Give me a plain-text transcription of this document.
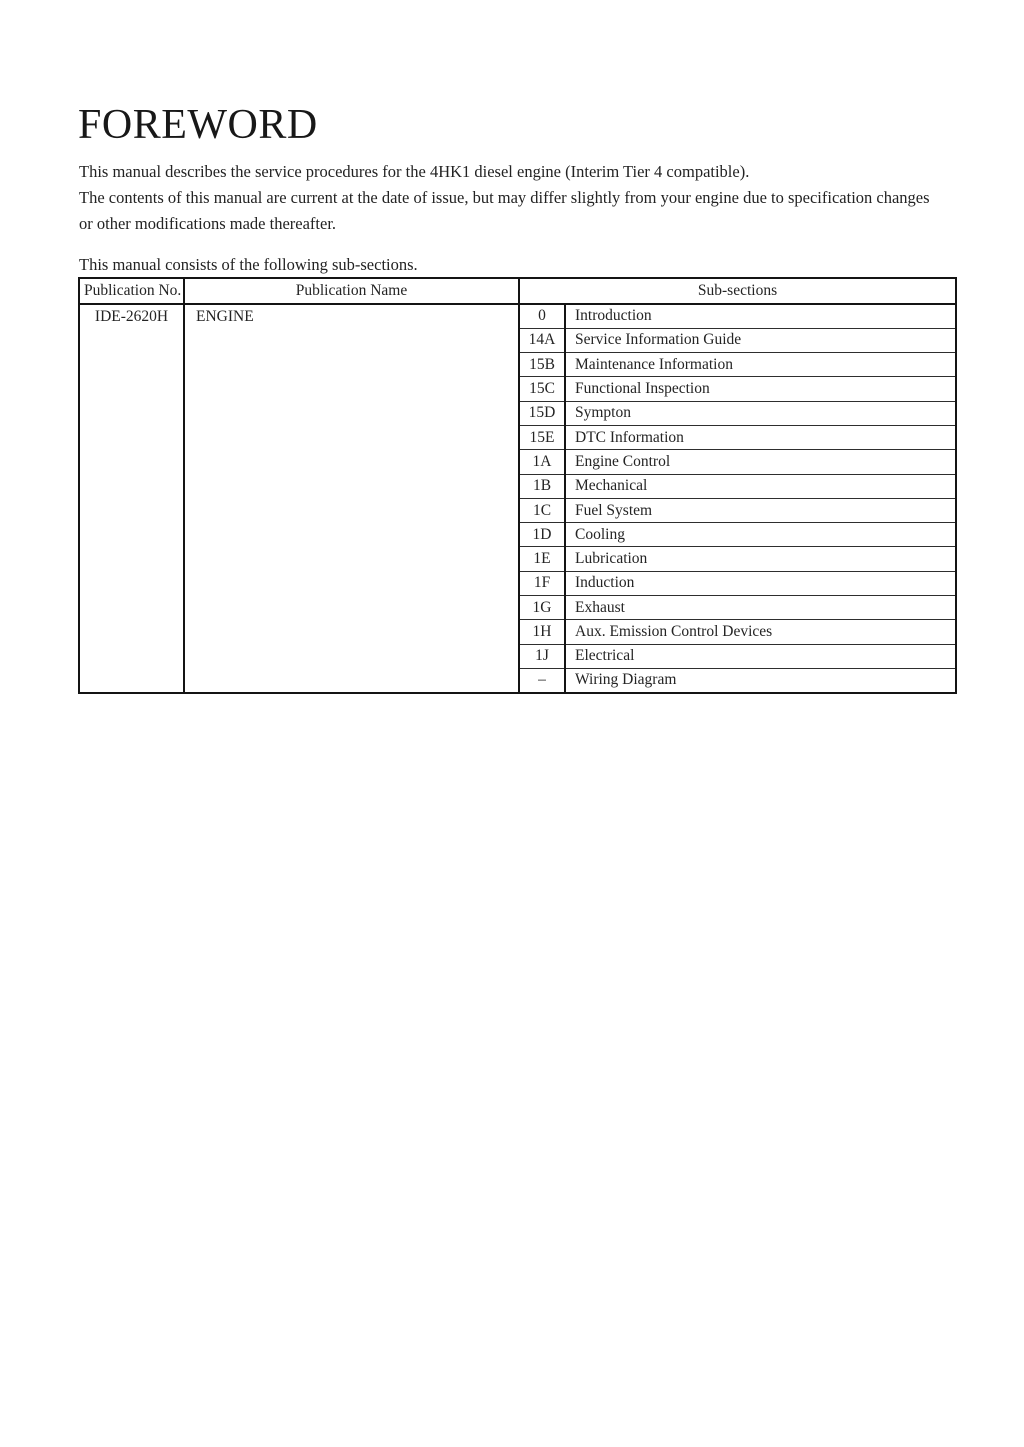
FOREWORD
This manual describes the service procedures for the 4HK1 diesel engine (Interim Tier 4 compatible).
The contents of this manual are current at the date of issue, but may differ slightly from your engine due to specification changes
or other modifications made thereafter.
This manual consists of the following sub-sections.
Publication No.	Publication Name	Sub-sections	
IDE-2620H	ENGINE	0	Introduction
		14A	Service Information Guide
		15B	Maintenance Information
		15C	Functional Inspection
		15D	Sympton
		15E	DTC Information
		1A	Engine Control
		1B	Mechanical
		1C	Fuel System
		1D	Cooling
		1E	Lubrication
		1F	Induction
		1G	Exhaust
		1H	Aux. Emission Control Devices
		1J	Electrical
		–	Wiring Diagram
